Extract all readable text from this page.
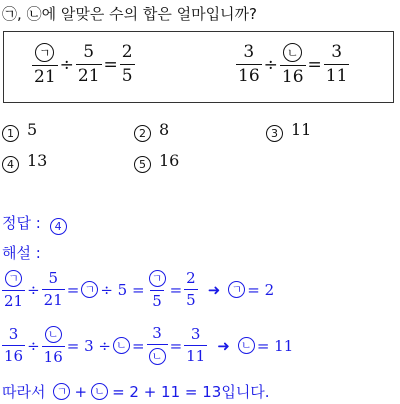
㉠, ㉡에 알맞은 수의 합은 얼마입니까?
$\frac{\text{ㄱ}}{21} \div \frac{5}{21} = \frac{2}{5}$	$\frac{3}{16} \div \frac{\text{ㄴ}}{16} = \frac{3}{11}$
1 5	2 8	3 11
4 13	5 16
정답 : 4
해설 :
$\frac{\text{ㄱ}}{21} \div \frac{5}{21}$ = ㄱ ÷ $5 = \frac{\text{ㄱ}}{5} = \frac{2}{5}$ ➜	ㄱ = 2
$\frac{3}{16} \div \frac{\text{ㄴ}}{16} = 3$ ÷ ㄴ = $\frac{3}{\text{ㄴ}} = \frac{3}{11}$ ➜	ㄴ = 11
따라서 ㄱ + ㄴ = 2 + 11 = 13 입니다.
